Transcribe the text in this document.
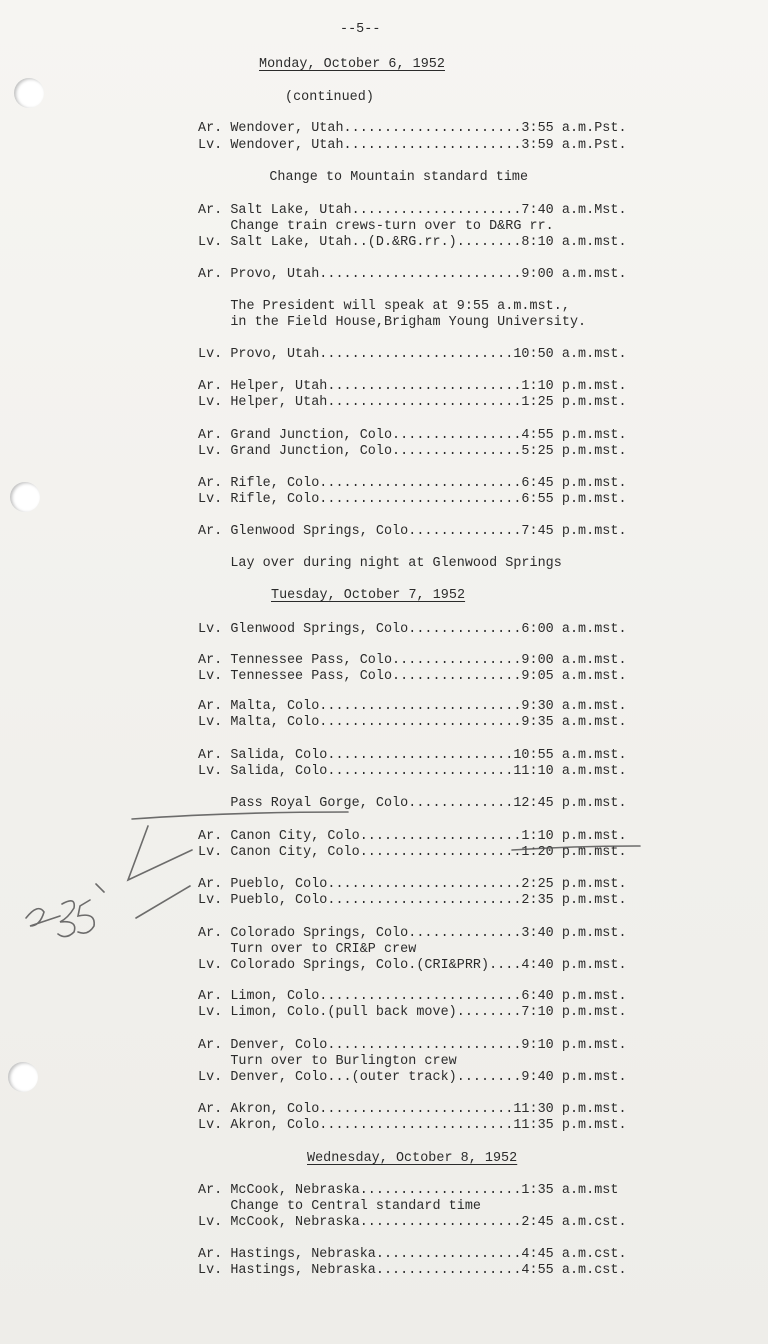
--5--
Monday, October 6, 1952
(continued)
Ar. Wendover, Utah......................3:55 a.m.Pst.
Lv. Wendover, Utah......................3:59 a.m.Pst.
Change to Mountain standard time
Ar. Salt Lake, Utah.....................7:40 a.m.Mst.
Change train crews-turn over to D&RG rr.
Lv. Salt Lake, Utah..(D.&RG.rr.)........8:10 a.m.mst.
Ar. Provo, Utah.........................9:00 a.m.mst.
The President will speak at 9:55 a.m.mst.,
in the Field House,Brigham Young University.
Lv. Provo, Utah........................10:50 a.m.mst.
Ar. Helper, Utah........................1:10 p.m.mst.
Lv. Helper, Utah........................1:25 p.m.mst.
Ar. Grand Junction, Colo................4:55 p.m.mst.
Lv. Grand Junction, Colo................5:25 p.m.mst.
Ar. Rifle, Colo.........................6:45 p.m.mst.
Lv. Rifle, Colo.........................6:55 p.m.mst.
Ar. Glenwood Springs, Colo..............7:45 p.m.mst.
Lay over during night at Glenwood Springs
Tuesday, October 7, 1952
Lv. Glenwood Springs, Colo..............6:00 a.m.mst.
Ar. Tennessee Pass, Colo................9:00 a.m.mst.
Lv. Tennessee Pass, Colo................9:05 a.m.mst.
Ar. Malta, Colo.........................9:30 a.m.mst.
Lv. Malta, Colo.........................9:35 a.m.mst.
Ar. Salida, Colo.......................10:55 a.m.mst.
Lv. Salida, Colo.......................11:10 a.m.mst.
Pass Royal Gorge, Colo.............12:45 p.m.mst.
Ar. Canon City, Colo....................1:10 p.m.mst.
Lv. Canon City, Colo....................1:20 p.m.mst.
Ar. Pueblo, Colo........................2:25 p.m.mst.
Lv. Pueblo, Colo........................2:35 p.m.mst.
Ar. Colorado Springs, Colo..............3:40 p.m.mst.
Turn over to CRI&P crew
Lv. Colorado Springs, Colo.(CRI&PRR)....4:40 p.m.mst.
Ar. Limon, Colo.........................6:40 p.m.mst.
Lv. Limon, Colo.(pull back move)........7:10 p.m.mst.
Ar. Denver, Colo........................9:10 p.m.mst.
Turn over to Burlington crew
Lv. Denver, Colo...(outer track)........9:40 p.m.mst.
Ar. Akron, Colo........................11:30 p.m.mst.
Lv. Akron, Colo........................11:35 p.m.mst.
Wednesday, October 8, 1952
Ar. McCook, Nebraska....................1:35 a.m.mst
Change to Central standard time
Lv. McCook, Nebraska....................2:45 a.m.cst.
Ar. Hastings, Nebraska..................4:45 a.m.cst.
Lv. Hastings, Nebraska..................4:55 a.m.cst.
